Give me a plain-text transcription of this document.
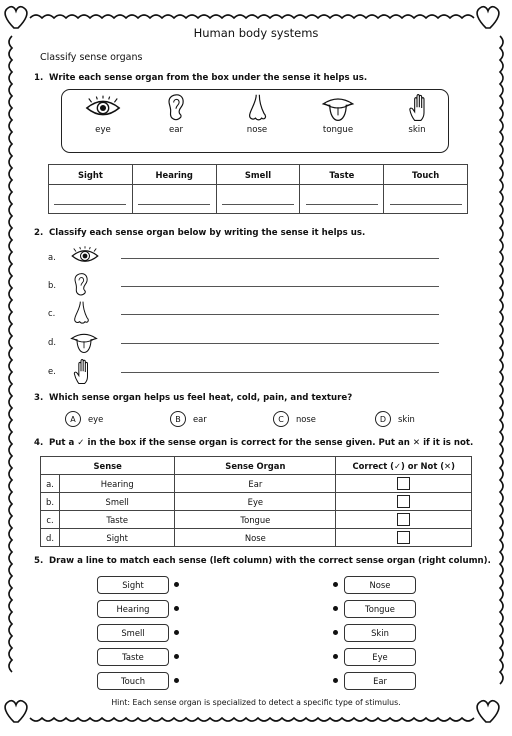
Human body systems
Classify sense organs
1. Write each sense organ from the box under the sense it helps us.
eye	ear	nose	tongue	skin
Sight	Hearing	Smell	Taste	Touch

2. Classify each sense organ below by writing the sense it helps us.
a.
b.
c.
d.
e.
3. Which sense organ helps us feel heat, cold, pain, and texture?
A	eye	B	ear	C	nose	D	skin
4. Put a ✓ in the box if the sense organ is correct for the sense given. Put an ✕ if it is not.
Sense		Sense Organ	Correct (✓) or Not (✕)
a.	Hearing	Ear	
b.	Smell	Eye	
c.	Taste	Tongue	
d.	Sight	Nose	
5. Draw a line to match each sense (left column) with the correct sense organ (right column).
Sight
Hearing
Smell
Taste
Touch
Nose
Tongue
Skin
Eye
Ear
Hint: Each sense organ is specialized to detect a specific type of stimulus.
